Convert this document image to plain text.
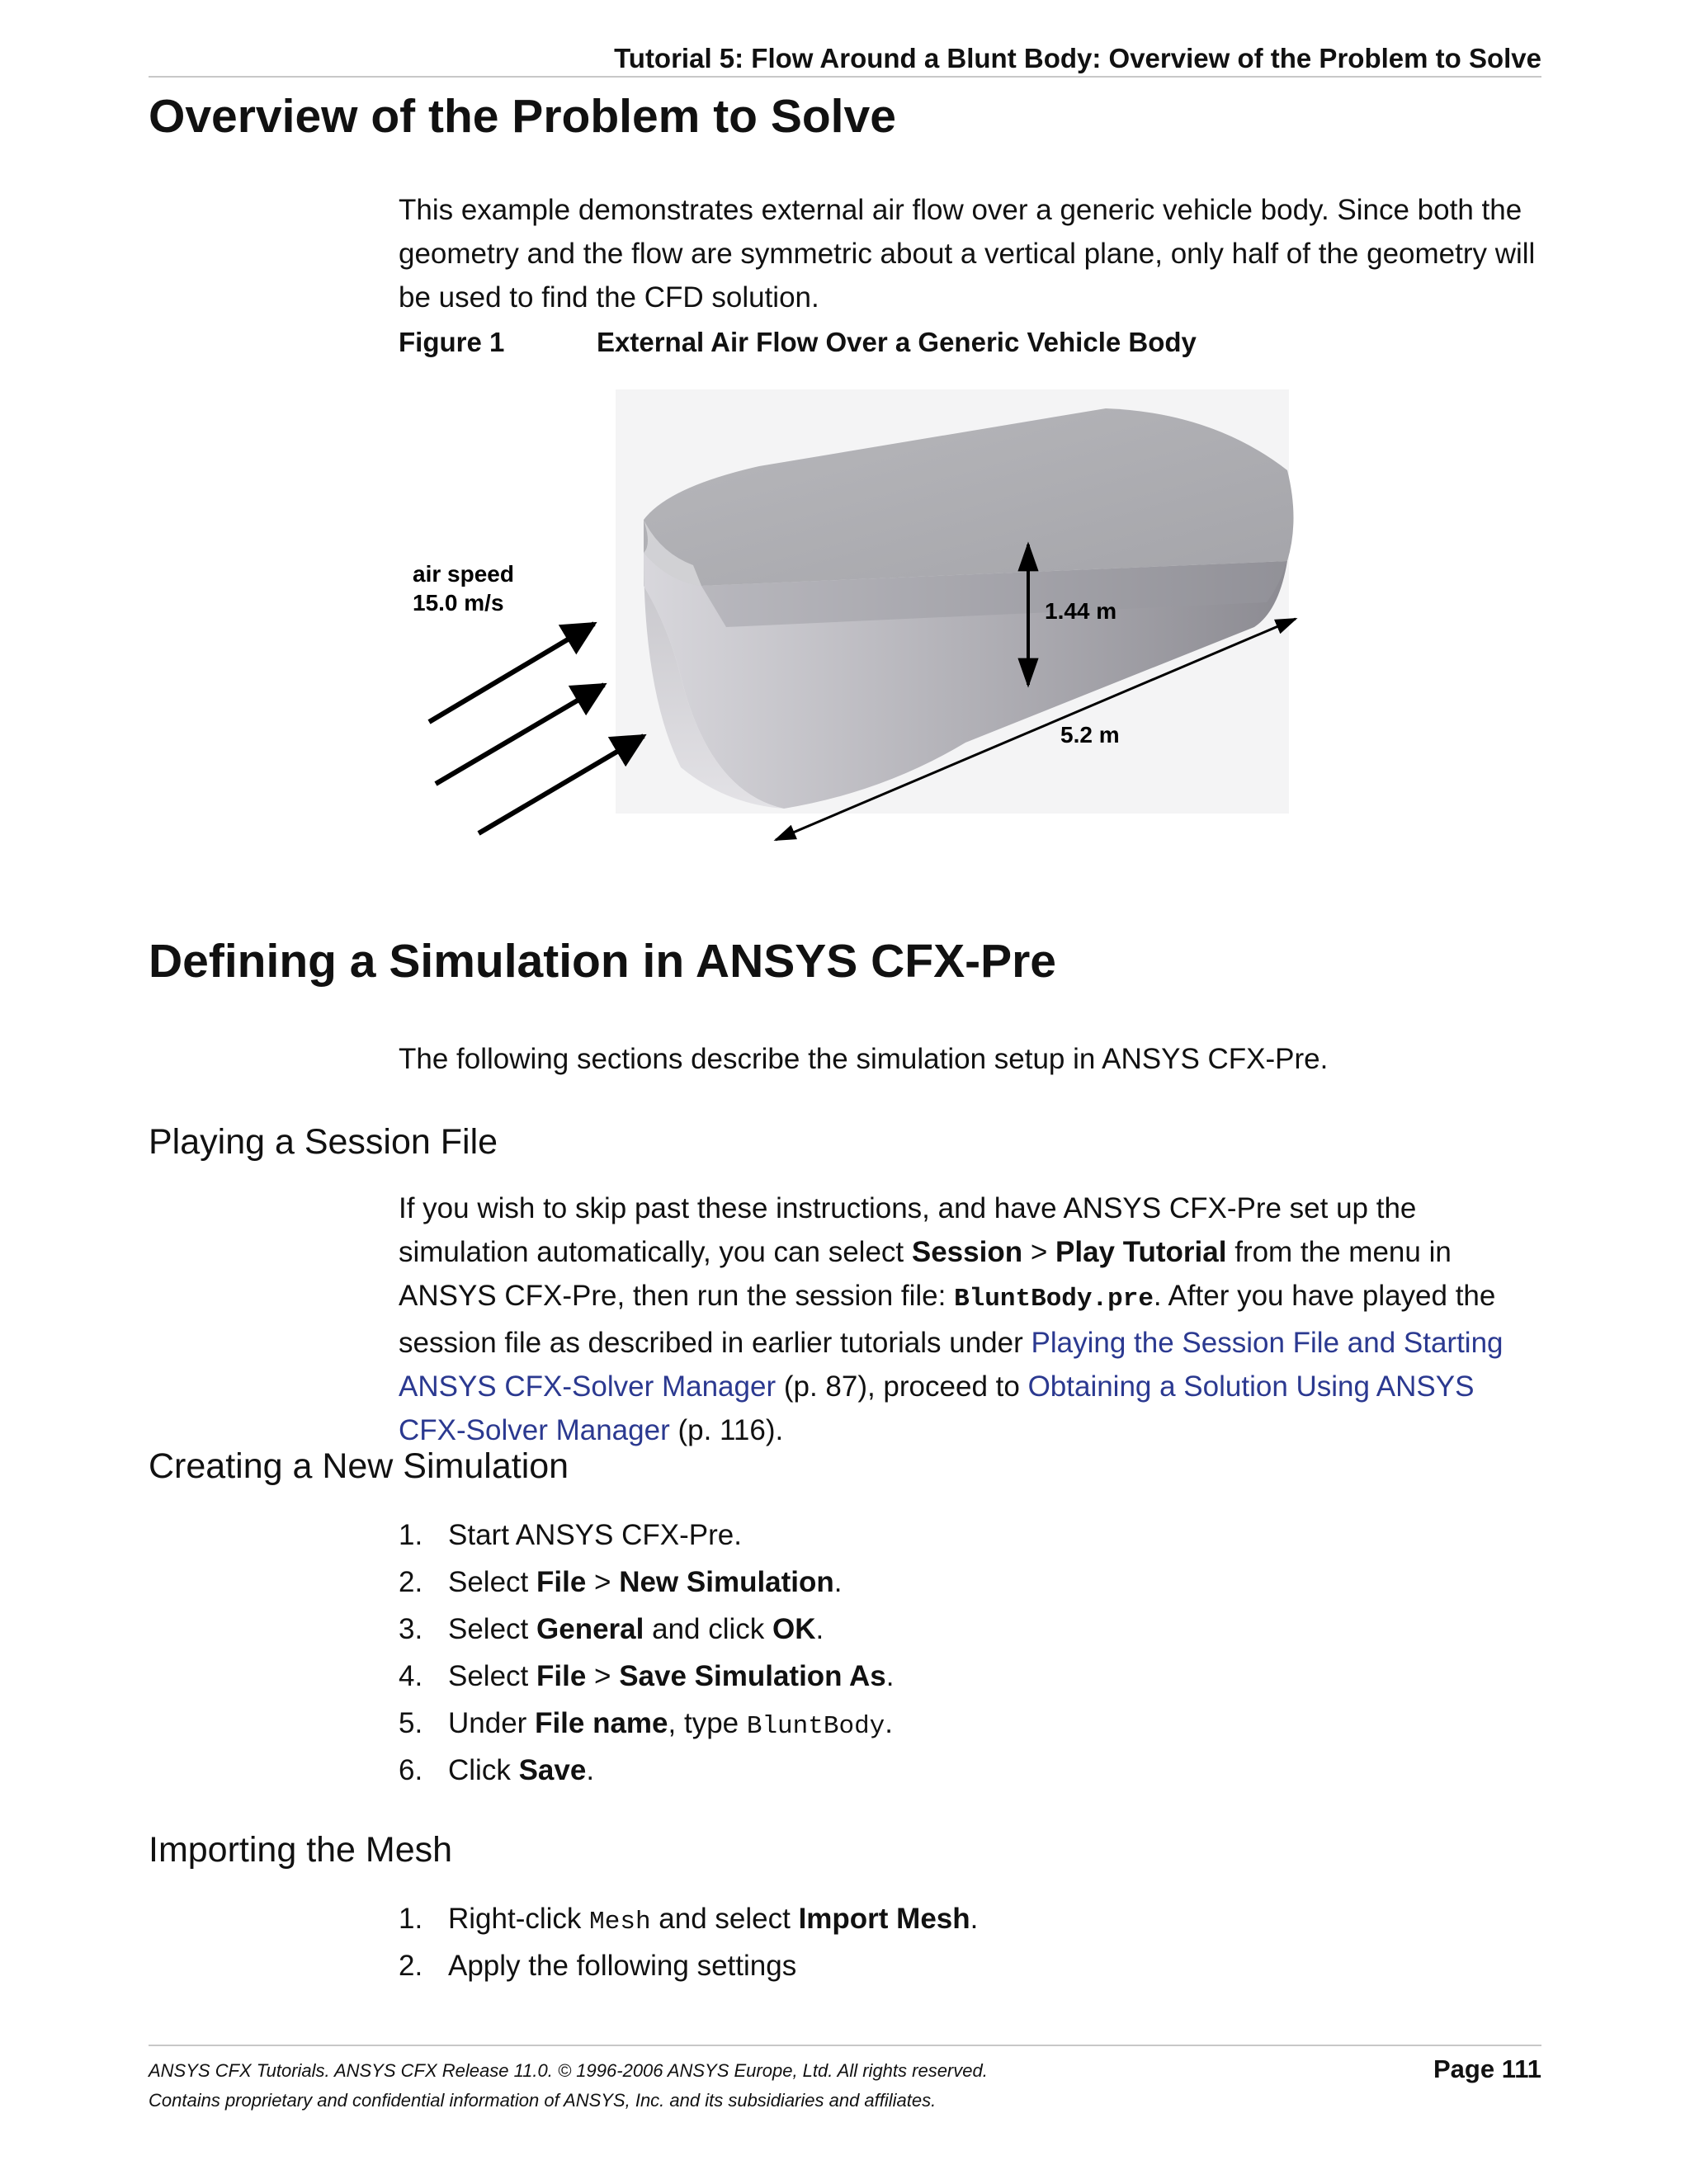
Tutorial 5: Flow Around a Blunt Body: Overview of the Problem to Solve
Overview of the Problem to Solve
This example demonstrates external air flow over a generic vehicle body. Since both the
geometry and the flow are symmetric about a vertical plane, only half of the geometry will
be used to find the CFD solution.
Figure 1	External Air Flow Over a Generic Vehicle Body
air speed
15.0 m/s	1.44 m
5.2 m
Defining a Simulation in ANSYS CFX-Pre
The following sections describe the simulation setup in ANSYS CFX-Pre.
Playing a Session File
If you wish to skip past these instructions, and have ANSYS CFX-Pre set up the simulation automatically, you can select Session > Play Tutorial from the menu in ANSYS CFX-Pre, then run the session file: BluntBody.pre. After you have played the session file as described in earlier tutorials under Playing the Session File and Starting ANSYS CFX-Solver Manager (p. 87), proceed to Obtaining a Solution Using ANSYS CFX-Solver Manager (p. 116).
Creating a New Simulation
1. Start ANSYS CFX-Pre.
2. Select File > New Simulation.
3. Select General and click OK.
4. Select File > Save Simulation As.
5. Under File name, type BluntBody.
6. Click Save.
Importing the Mesh
1. Right-click Mesh and select Import Mesh.
2. Apply the following settings
ANSYS CFX Tutorials. ANSYS CFX Release 11.0. © 1996-2006 ANSYS Europe, Ltd. All rights reserved.
Contains proprietary and confidential information of ANSYS, Inc. and its subsidiaries and affiliates.
Page 111
